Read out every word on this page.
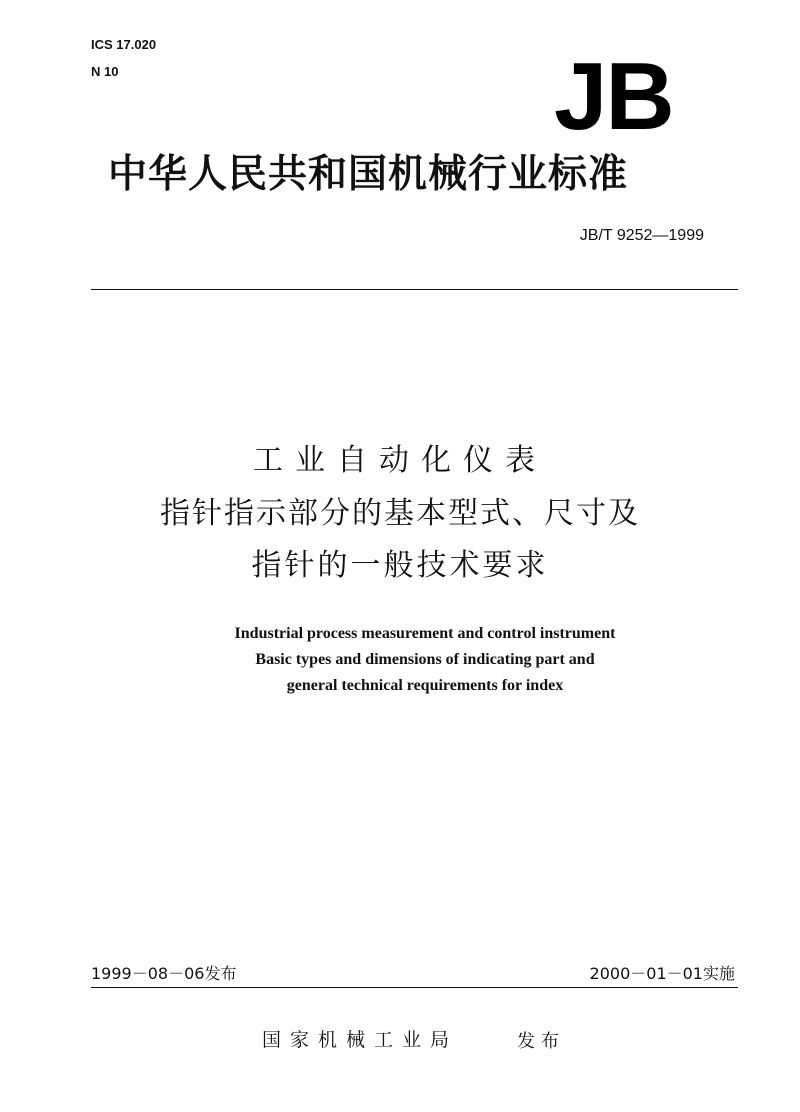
ICS 17.020
N 10	JB
中华人民共和国机械行业标准
JB/T 9252—1999
工业自动化仪表
指针指示部分的基本型式、尺寸及
指针的一般技术要求
Industrial process measurement and control instrument
Basic types and dimensions of indicating part and
general technical requirements for index
1999－08－06发布	2000－01－01实施
国家机械工业局	发布
